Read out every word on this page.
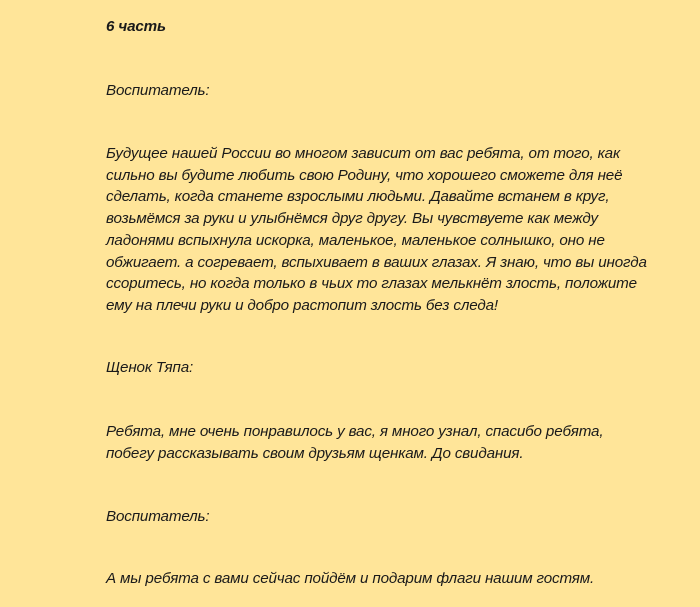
6 часть
Воспитатель:
Будущее нашей России во многом зависит от вас ребята, от того, как
сильно вы будите любить свою Родину, что хорошего сможете для неё
сделать, когда станете взрослыми людьми. Давайте встанем в круг,
возьмёмся за руки и улыбнёмся друг другу. Вы чувствуете как между
ладонями вспыхнула искорка, маленькое, маленькое солнышко, оно не
обжигает. а согревает, вспыхивает в ваших глазах. Я знаю, что вы иногда
ссоритесь, но когда только в чьих то глазах мелькнёт злость, положите
ему на плечи руки и добро растопит злость без следа!
Щенок Тяпа:
Ребята, мне очень понравилось у вас, я много узнал, спасибо ребята,
побегу рассказывать своим друзьям щенкам. До свидания.
Воспитатель:
А мы ребята с вами сейчас пойдём и подарим флаги нашим гостям.
